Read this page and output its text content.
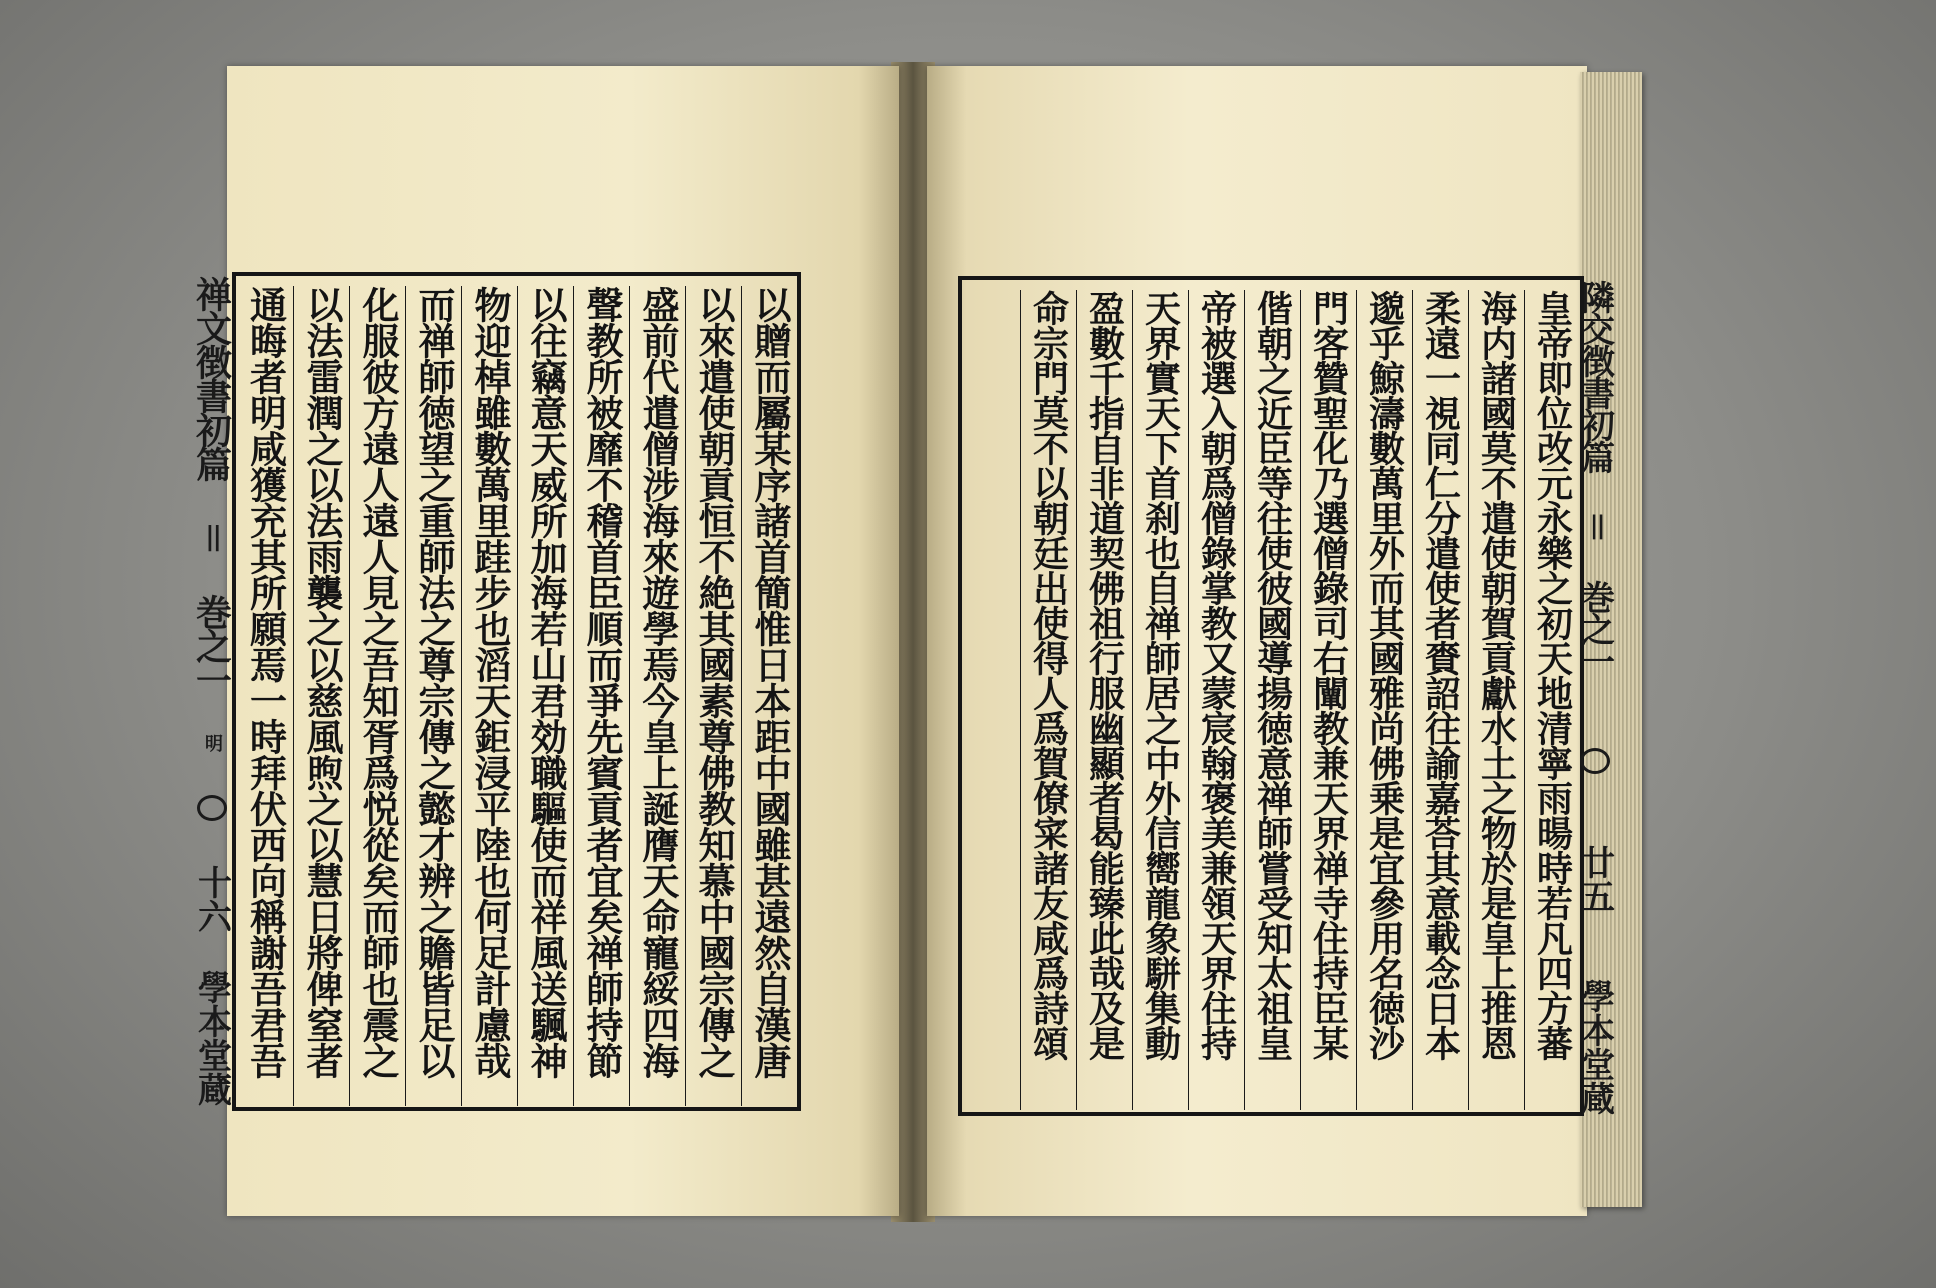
以贈而屬某序諸首簡惟日本距中國雖甚遠然自漢唐
以來遣使朝貢恒不絶其國素尊佛教知慕中國宗傳之
盛前代遣僧涉海來遊學焉今皇上誕膺天命寵綏四海
聲教所被靡不稽首臣順而爭先賓貢者宜矣禅師持節
以往竊意天威所加海若山君効職驅使而祥風送颿神
物迎棹雖數萬里跬步也滔天鉅浸平陸也何足計慮哉
而禅師徳望之重師法之尊宗傳之懿才辨之贍皆足以
化服彼方遠人遠人見之吾知胥爲悦從矣而師也震之
以法雷潤之以法雨襲之以慈風煦之以慧日將俾窒者
通晦者明咸獲充其所願焉一時拜伏西向稱謝吾君吾
禅文徴書初篇 ＝ 巻之一
明
十六
學本堂蔵	皇帝即位改元永樂之初天地清寧雨暘時若凡四方蕃
海内諸國莫不遣使朝賀貢獻水土之物於是皇上推恩
柔遠一視同仁分遣使者賚詔往諭嘉荅其意載念日本
邈乎鯨濤數萬里外而其國雅尚佛乗是宜參用名徳沙
門客贊聖化乃選僧錄司右闡教兼天界禅寺住持臣某
偕朝之近臣等往使彼國導揚徳意禅師嘗受知太祖皇
帝被選入朝爲僧錄掌教又蒙宸翰褒美兼領天界住持
天界實天下首刹也自禅師居之中外信嚮龍象駢集動
盈數千指自非道契佛祖行服幽顯者曷能臻此哉及是
命宗門莫不以朝廷出使得人爲賀僚寀諸友咸爲詩頌	隣交徴書初篇 ＝ 巻之一
廿五
學本堂蔵
